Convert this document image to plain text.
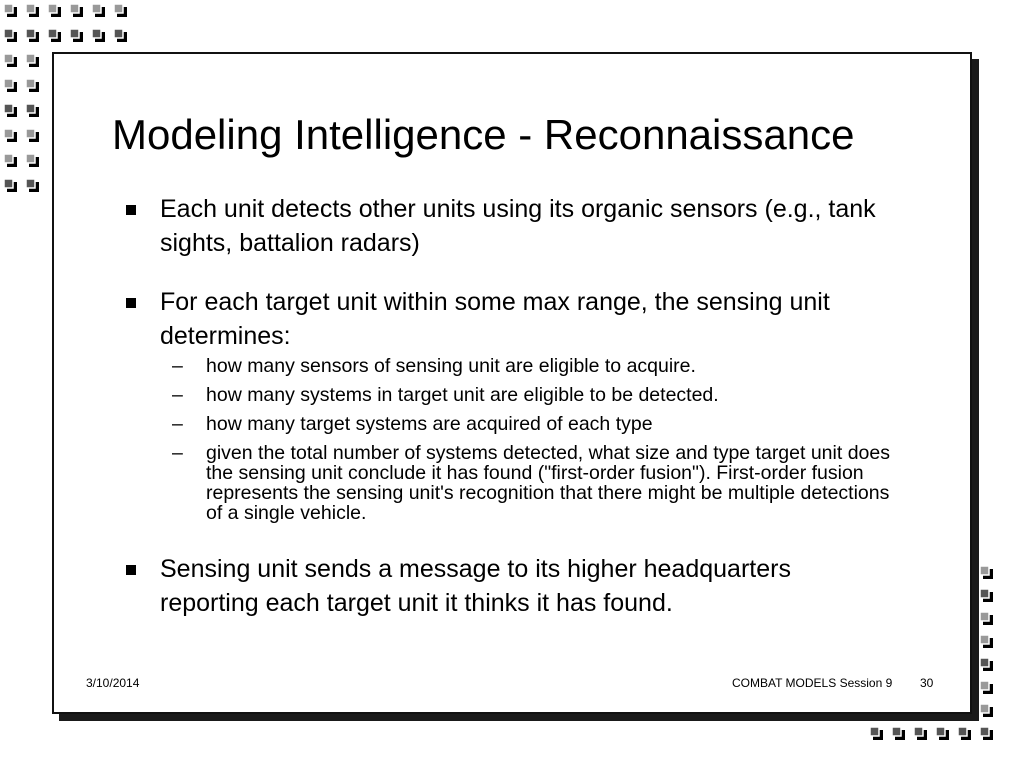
Modeling Intelligence - Reconnaissance
Each unit detects other units using its organic sensors (e.g., tank sights, battalion radars)
For each target unit within some max range, the sensing unit determines:
– how many sensors of sensing unit are eligible to acquire.
– how many systems in target unit are eligible to be detected.
– how many target systems are acquired of each type
– given the total number of systems detected, what size and type target unit does the sensing unit conclude it has found ("first-order fusion"). First-order fusion represents the sensing unit's recognition that there might be multiple detections of a single vehicle.
Sensing unit sends a message to its higher headquarters reporting each target unit it thinks it has found.
3/10/2014	COMBAT MODELS Session 9 30
